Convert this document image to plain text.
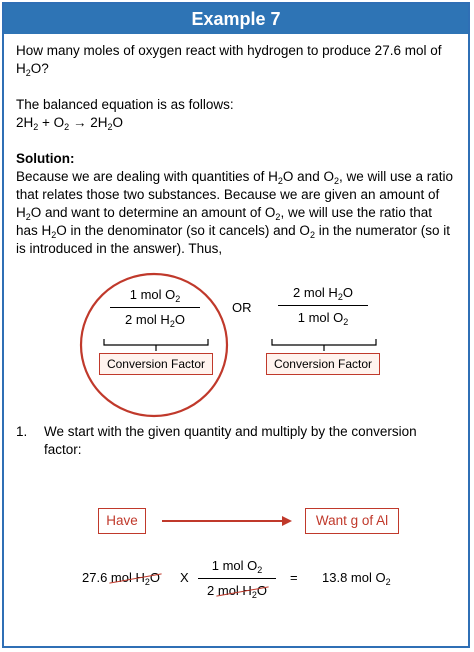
Example 7
How many moles of oxygen react with hydrogen to produce 27.6 mol of
$H_2O$?
The balanced equation is as follows:
$2H_2 + O_2 \to 2H_2O$
Solution:
Because we are dealing with quantities of $H_2O$ and $O_2$, we will use a ratio
that relates those two substances. Because we are given an amount of
$H_2O$ and want to determine an amount of $O_2$, we will use the ratio that
has $H_2O$ in the denominator (so it cancels) and $O_2$ in the numerator (so it
is introduced in the answer). Thus,
1 mol $O_2$
2 mol $H_2O$
Conversion Factor
OR
2 mol $H_2O$
1 mol $O_2$
Conversion Factor
1. We start with the given quantity and multiply by the conversion
factor:
Have	Want g of Al
27.6 mol $H_2O$ X
1 mol $O_2$
2 mol $H_2O$
= 13.8 mol $O_2$
